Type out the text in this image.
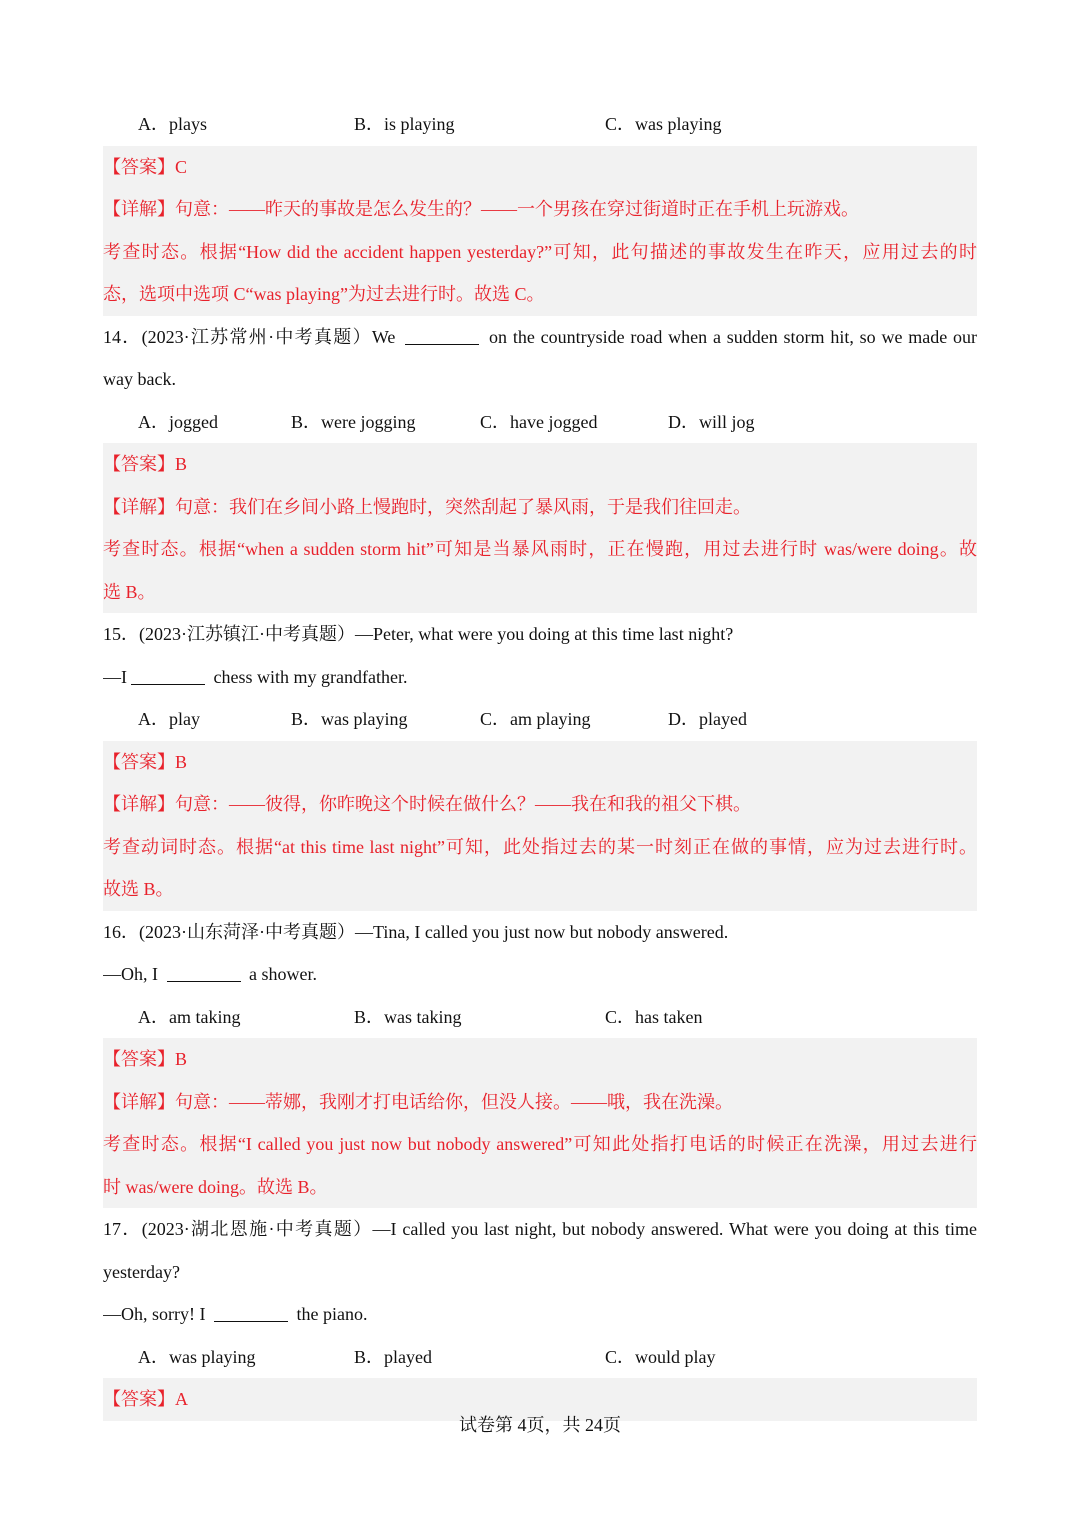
A．plays	B．is playing	C．was playing
【答案】C
【详解】句意：——昨天的事故是怎么发生的？——一个男孩在穿过街道时正在手机上玩游戏。
考查时态。根据“How did the accident happen yesterday?”可知，此句描述的事故发生在昨天，应用过去的时
态，选项中选项 C“was playing”为过去进行时。故选 C。
14．(2023·江苏常州·中考真题）We	on the countryside road when a sudden storm hit, so we made our
way back.
A．jogged	B．were jogging	C．have jogged	D．will jog
【答案】B
【详解】句意：我们在乡间小路上慢跑时，突然刮起了暴风雨，于是我们往回走。
考查时态。根据“when a sudden storm hit”可知是当暴风雨时，正在慢跑，用过去进行时 was/were doing。故
选 B。
15．(2023·江苏镇江·中考真题）—Peter, what were you doing at this time last night?
—I	chess with my grandfather.
A．play	B．was playing	C．am playing	D．played
【答案】B
【详解】句意：——彼得，你昨晚这个时候在做什么？——我在和我的祖父下棋。
考查动词时态。根据“at this time last night”可知，此处指过去的某一时刻正在做的事情，应为过去进行时。
故选 B。
16．(2023·山东菏泽·中考真题）—Tina, I called you just now but nobody answered.
—Oh, I	a shower.
A．am taking	B．was taking	C．has taken
【答案】B
【详解】句意：——蒂娜，我刚才打电话给你，但没人接。——哦，我在洗澡。
考查时态。根据“I called you just now but nobody answered”可知此处指打电话的时候正在洗澡，用过去进行
时 was/were doing。故选 B。
17．(2023·湖北恩施·中考真题）—I called you last night, but nobody answered. What were you doing at this time
yesterday?
—Oh, sorry! I	the piano.
A．was playing	B．played	C．would play
【答案】A
试卷第 4页，共 24页
